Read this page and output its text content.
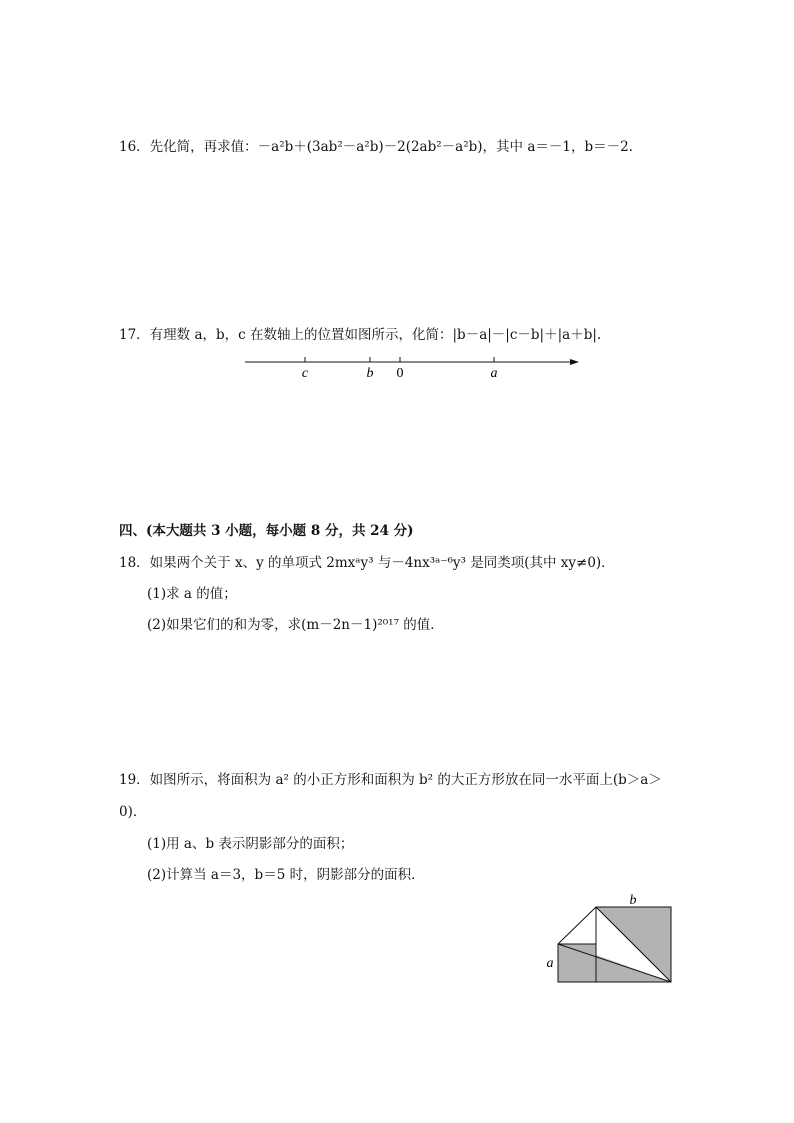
16．先化简，再求值：－a²b＋(3ab²－a²b)－2(2ab²－a²b)，其中 a＝－1，b＝－2.
17．有理数 a，b，c 在数轴上的位置如图所示，化简：|b－a|－|c－b|＋|a＋b|.
c	b 0	a
四、(本大题共 3 小题，每小题 8 分，共 24 分)
18．如果两个关于 x、y 的单项式 2mxᵃy³ 与－4nx³ᵃ⁻⁶y³ 是同类项(其中 xy≠0)．
(1)求 a 的值；
(2)如果它们的和为零，求(m－2n－1)²⁰¹⁷ 的值．
19．如图所示，将面积为 a² 的小正方形和面积为 b² 的大正方形放在同一水平面上(b＞a＞
0)．
(1)用 a、b 表示阴影部分的面积；
(2)计算当 a＝3，b＝5 时，阴影部分的面积．
b
a
